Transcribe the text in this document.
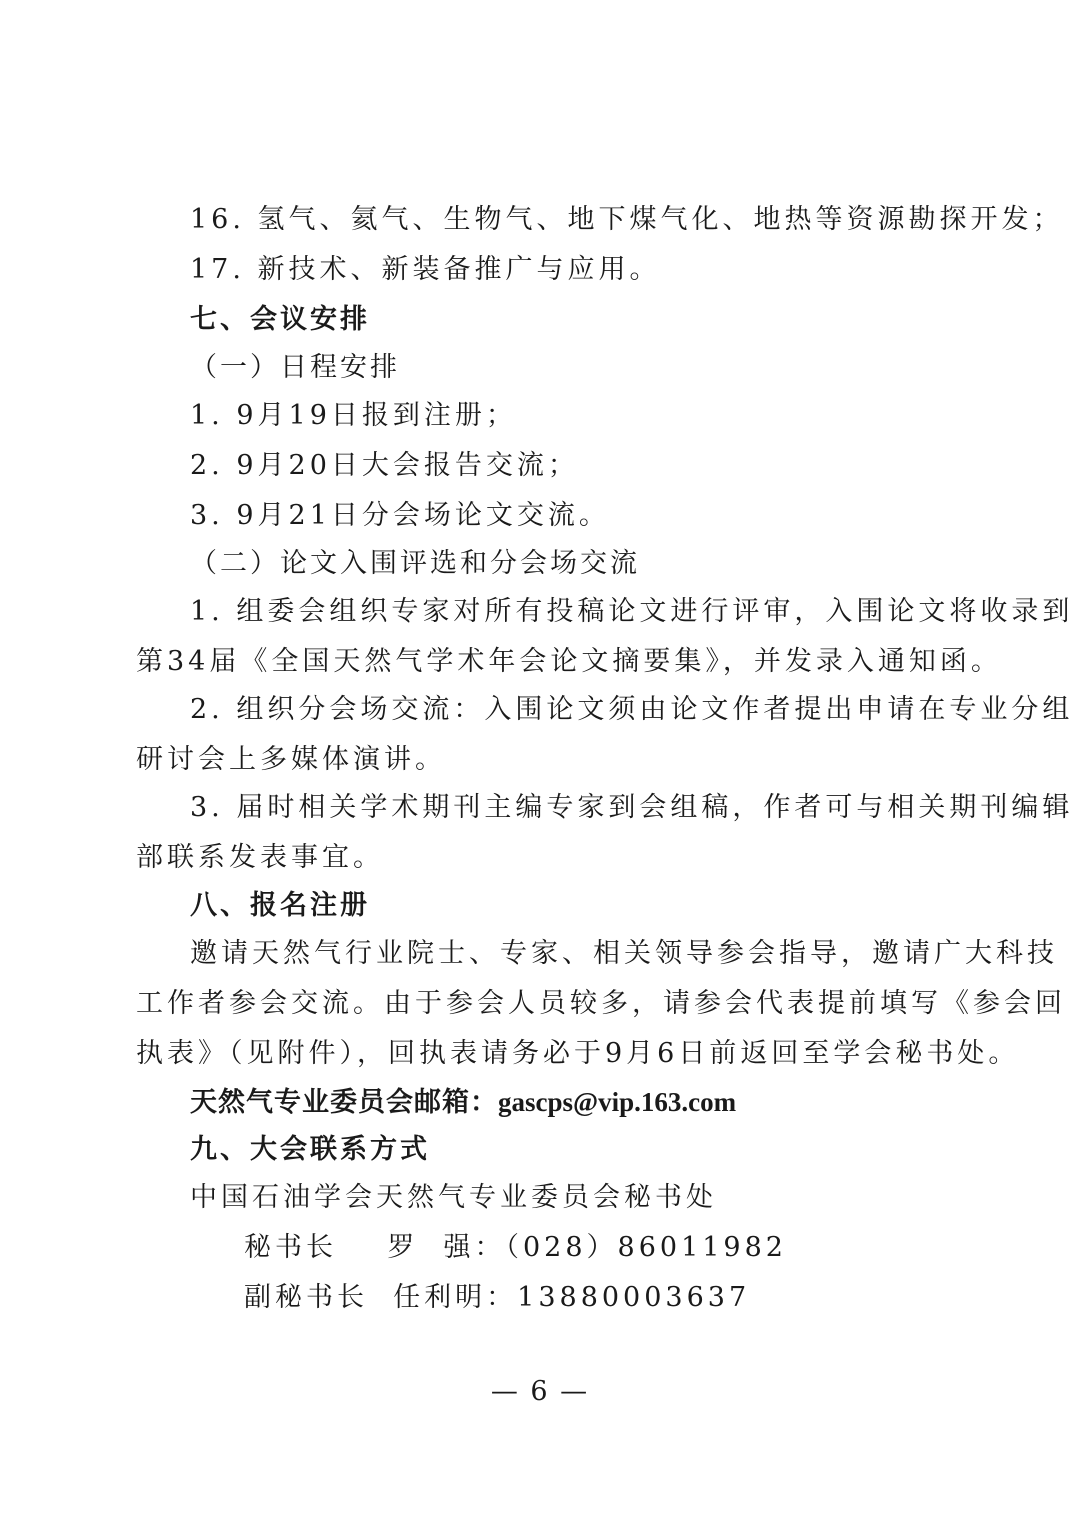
16. 氢气、氦气、生物气、地下煤气化、地热等资源勘探开发；

17. 新技术、新装备推广与应用。

七、会议安排

（一）日程安排

1. 9月19日报到注册；

2. 9月20日大会报告交流；

3. 9月21日分会场论文交流。

（二）论文入围评选和分会场交流

1. 组委会组织专家对所有投稿论文进行评审，入围论文将收录到

第34届《全国天然气学术年会论文摘要集》，并发录入通知函。

2. 组织分会场交流：入围论文须由论文作者提出申请在专业分组

研讨会上多媒体演讲。

3. 届时相关学术期刊主编专家到会组稿，作者可与相关期刊编辑

部联系发表事宜。

八、报名注册

邀请天然气行业院士、专家、相关领导参会指导，邀请广大科技

工作者参会交流。由于参会人员较多，请参会代表提前填写《参会回

执表》（见附件），回执表请务必于9月6日前返回至学会秘书处。

天然气专业委员会邮箱：gascps@vip.163.com

九、大会联系方式

中国石油学会天然气专业委员会秘书处

秘书长    罗  强：（028）86011982

副秘书长  任利明：13880003637

— 6 —
